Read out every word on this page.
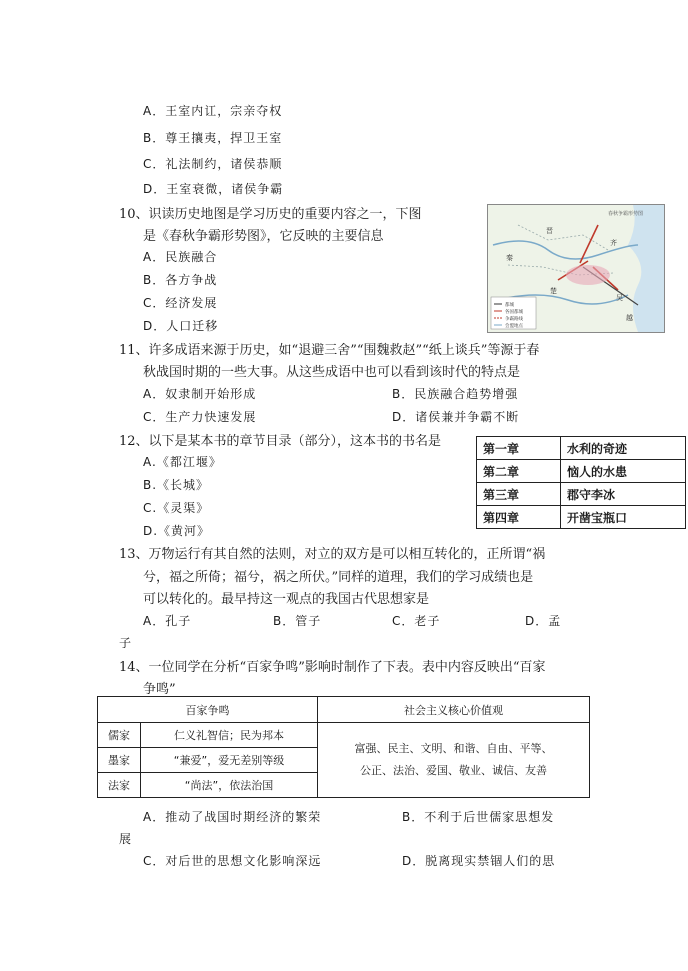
A．王室内讧，宗亲夺权
B．尊王攘夷，捍卫王室
C．礼法制约，诸侯恭顺
D．王室衰微，诸侯争霸
10、识读历史地图是学习历史的重要内容之一，下图
是《春秋争霸形势图》，它反映的主要信息
A．民族融合
B．各方争战
C．经济发展
D．人口迁移
晋
齐
楚
吴
越
秦
都城
各国都城
争霸路线
会盟地点
春秋争霸形势图
11、许多成语来源于历史，如“退避三舍”“围魏救赵”“纸上谈兵”等源于春
秋战国时期的一些大事。从这些成语中也可以看到该时代的特点是
A．奴隶制开始形成	B．民族融合趋势增强
C．生产力快速发展	D．诸侯兼并争霸不断
12、以下是某本书的章节目录（部分），这本书的书名是
A.《都江堰》
B.《长城》
C.《灵渠》
D.《黄河》
第一章	水利的奇迹
第二章	恼人的水患
第三章	郡守李冰
第四章	开凿宝瓶口
13、万物运行有其自然的法则，对立的双方是可以相互转化的，正所谓“祸
兮，福之所倚；福兮，祸之所伏。”同样的道理，我们的学习成绩也是
可以转化的。最早持这一观点的我国古代思想家是
A．孔子	B．管子	C．老子	D．孟
子
14、一位同学在分析“百家争鸣”影响时制作了下表。表中内容反映出“百家
争鸣”
百家争鸣		社会主义核心价值观
儒家	仁义礼智信；民为邦本	富强、民主、文明、和谐、自由、平等、
公正、法治、爱国、敬业、诚信、友善

墨家	“兼爱”，爱无差别等级	
法家	“尚法”，依法治国	
A．推动了战国时期经济的繁荣	B．不利于后世儒家思想发
展
C．对后世的思想文化影响深远	D．脱离现实禁锢人们的思
